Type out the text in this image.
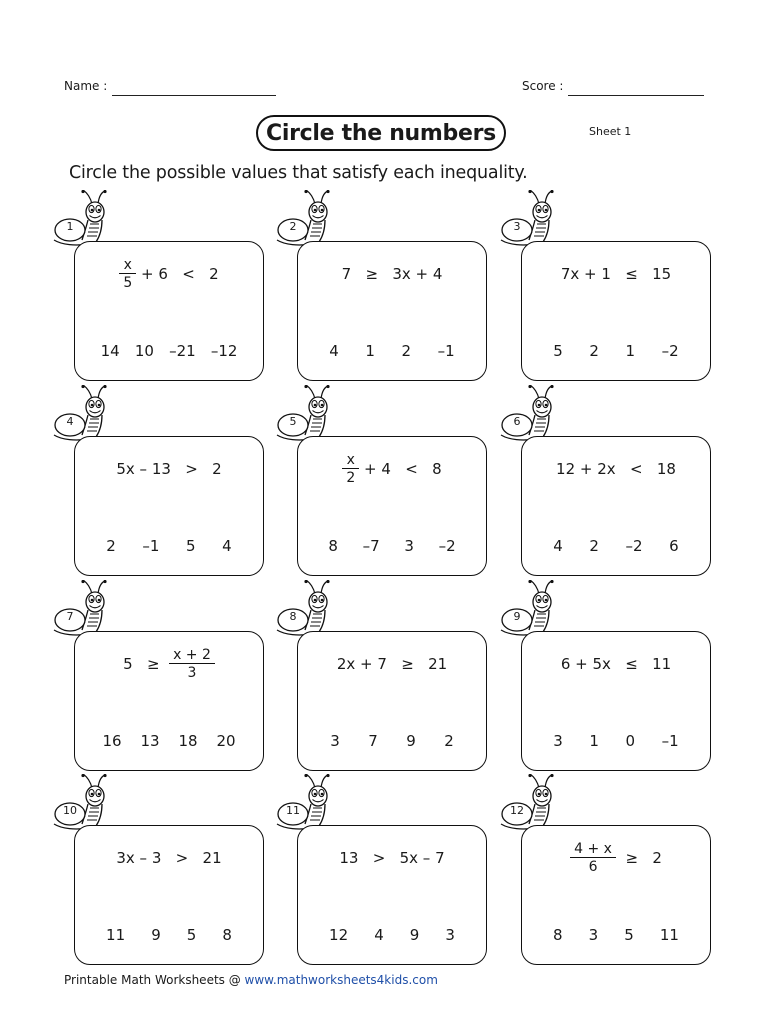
Name :	Score :
Circle the numbers	Sheet 1
Circle the possible values that satisfy each inequality.
1
$\frac{x}{5} + 6 < 2$
14 10 –21 –12
2
7   ≥   3x + 4
4 1 2 –1
3
7x + 1   ≤   15
5 2 1 –2
4
5x – 13   >   2
2 –1 5 4
5
$\frac{x}{2} + 4 < 8$
8 –7 3 –2
6
12 + 2x   <   18
4 2 –2 6
7
$5 \ge \frac{x + 2}{3}$
16 13 18 20
8
2x + 7   ≥   21
3 7 9 2
9
6 + 5x   ≤   11
3 1 0 –1
10
3x – 3   >   21
11 9 5 8
11
13   >   5x – 7
12 4 9 3
12
$\frac{4 + x}{6} \ge 2$
8 3 5 11
Printable Math Worksheets @ www.mathworksheets4kids.com
